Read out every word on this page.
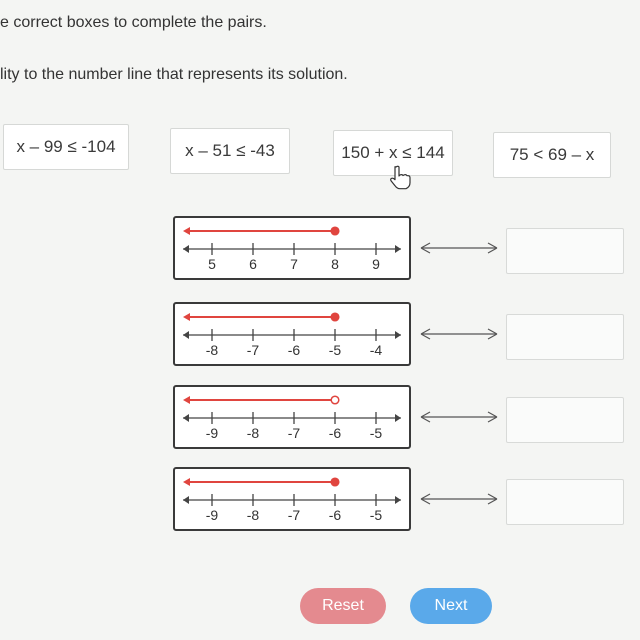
e correct boxes to complete the pairs.
lity to the number line that represents its solution.
x – 99 ≤ -104	x – 51 ≤ -43	150 + x ≤ 144	75 < 69 – x
5 6 7 8 9
-8 -7 -6 -5 -4
-9 -8 -7 -6 -5
-9 -8 -7 -6 -5
Reset	Next
